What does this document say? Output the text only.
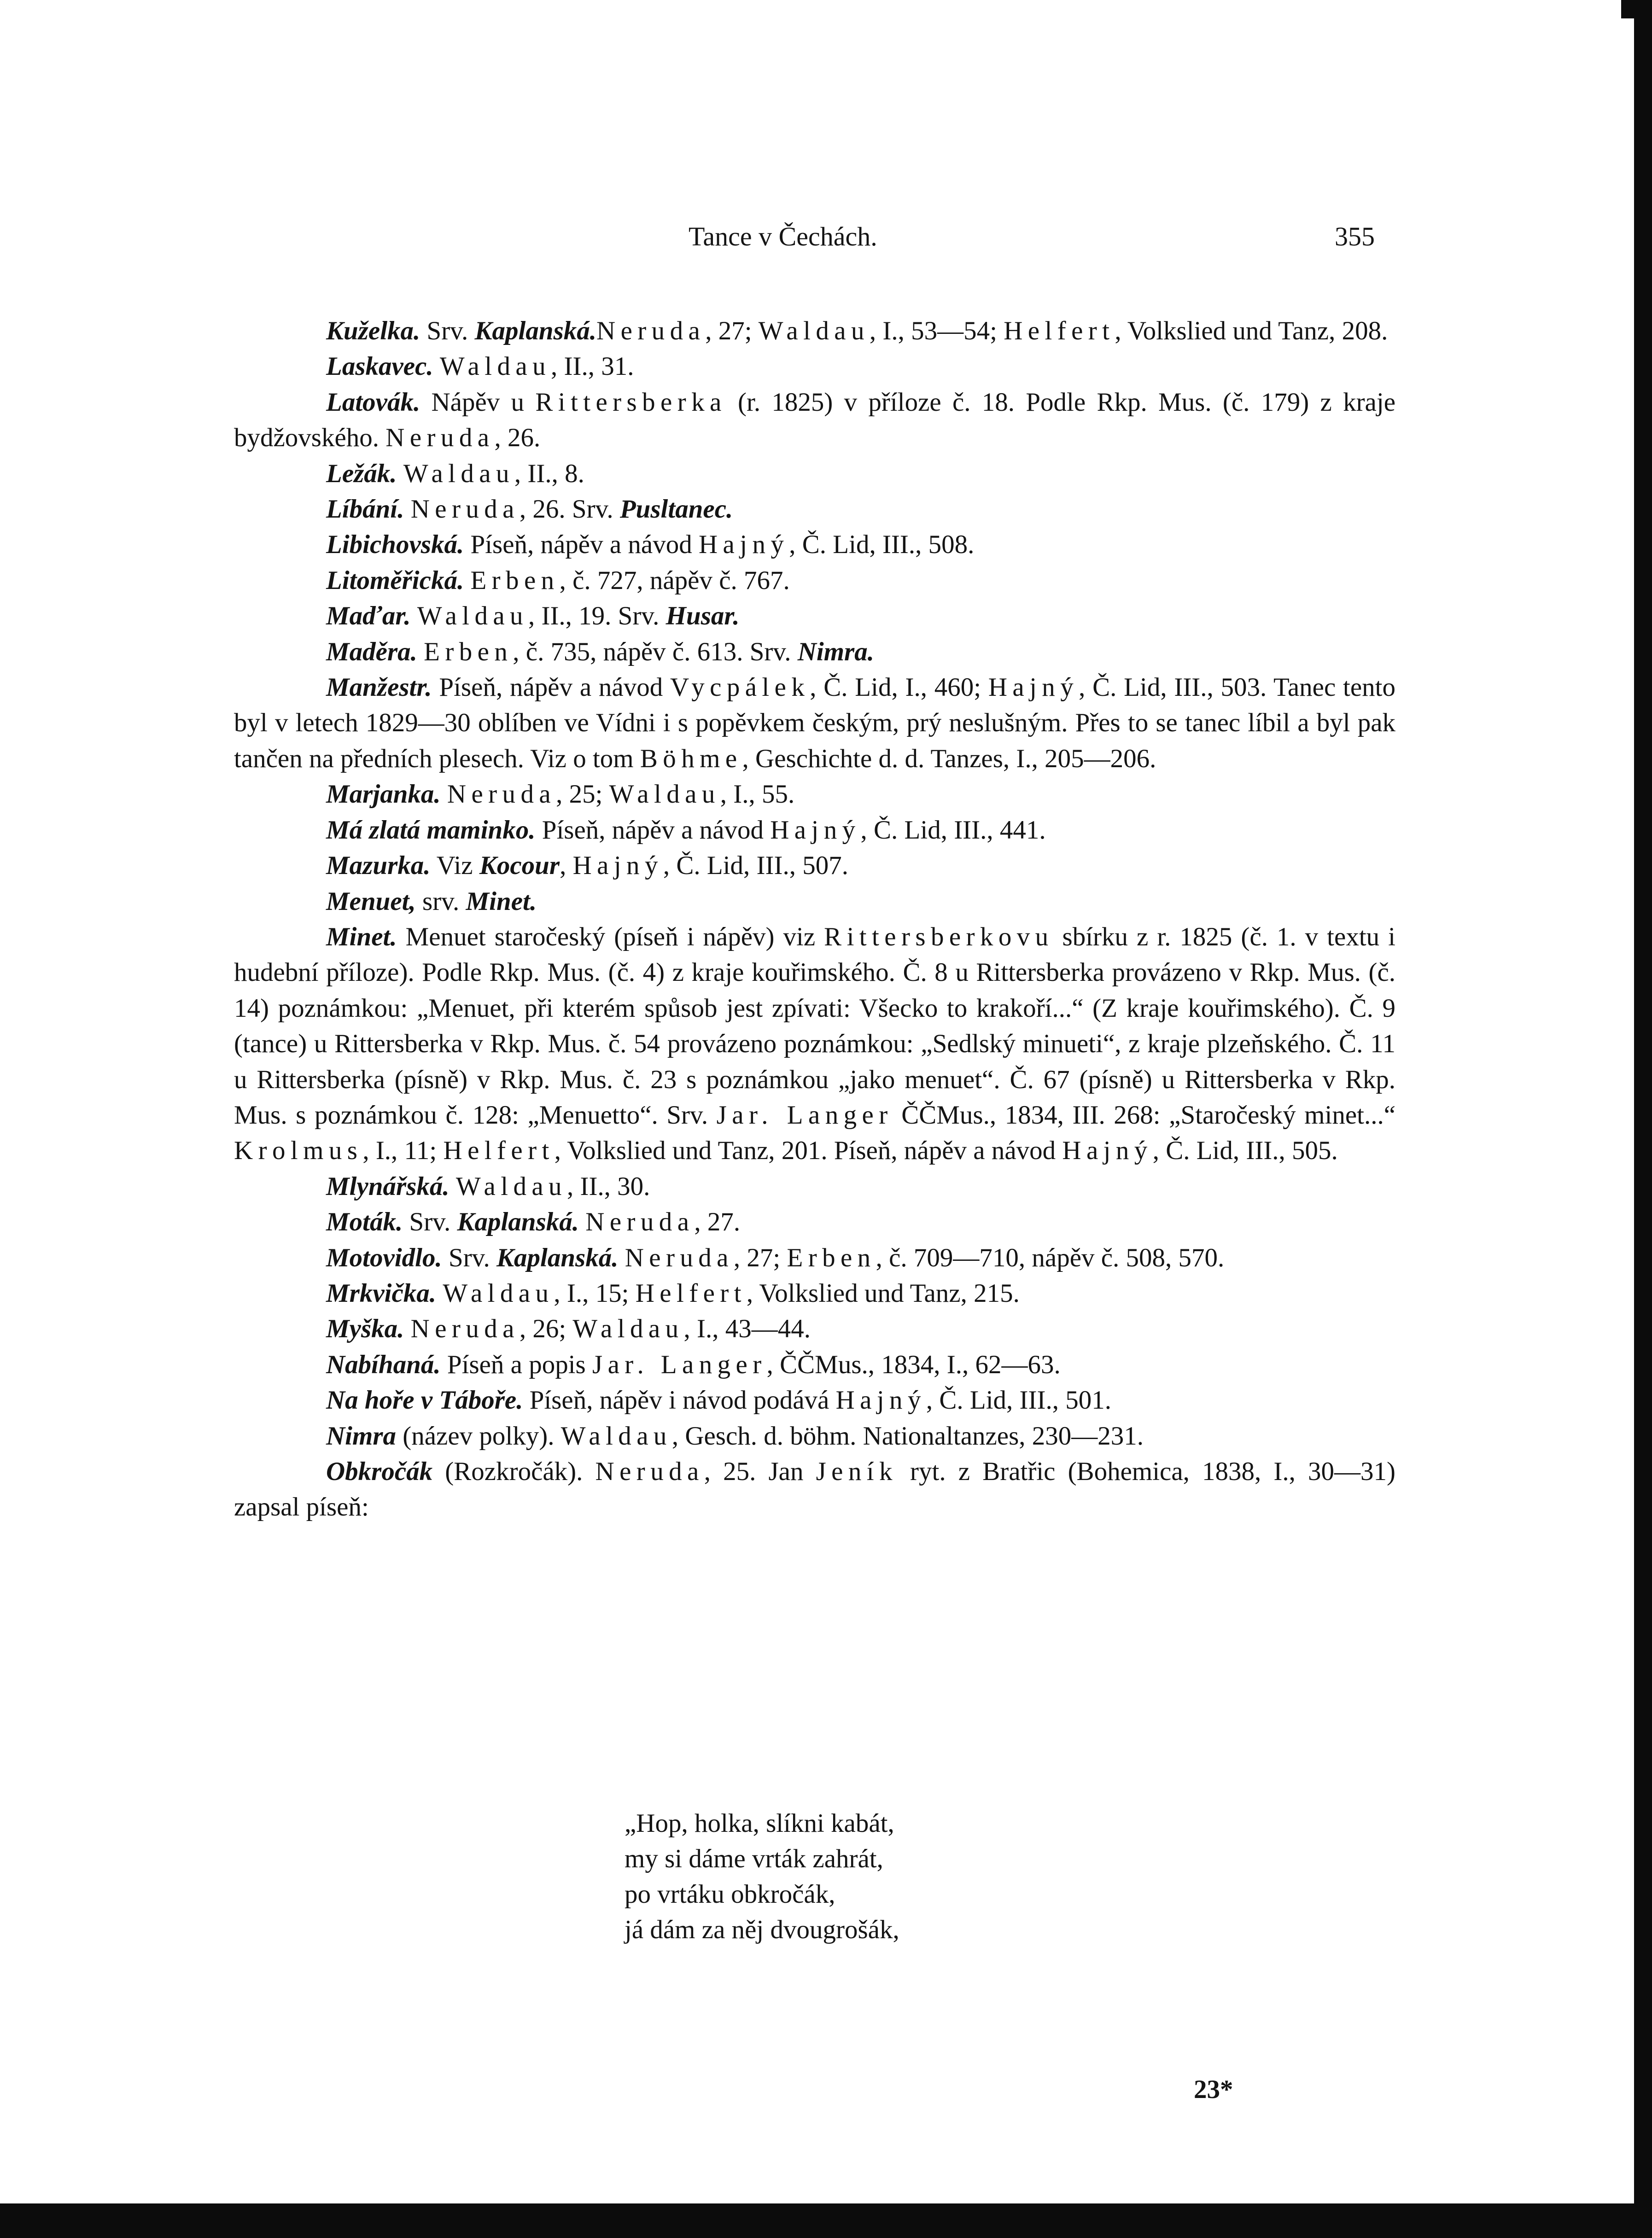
Tance v Čechách.	355

Kuželka. Srv. Kaplanská.Neruda, 27; Waldau, I., 53—54; Helfert, Volkslied und Tanz, 208.

Laskavec. Waldau, II., 31.

Latovák. Nápěv u Rittersberka (r. 1825) v příloze č. 18. Podle Rkp. Mus. (č. 179) z kraje bydžovského. Neruda, 26.

Ležák. Waldau, II., 8.

Líbání. Neruda, 26. Srv. Pusltanec.

Libichovská. Píseň, nápěv a návod Hajný, Č. Lid, III., 508.

Litoměřická. Erben, č. 727, nápěv č. 767.

Maďar. Waldau, II., 19. Srv. Husar.

Maděra. Erben, č. 735, nápěv č. 613. Srv. Nimra.

Manžestr. Píseň, nápěv a návod Vycpálek, Č. Lid, I., 460; Hajný, Č. Lid, III., 503. Tanec tento byl v letech 1829—30 oblíben ve Vídni i s popěvkem českým, prý neslušným. Přes to se tanec líbil a byl pak tančen na předních plesech. Viz o tom Böhme, Geschichte d. d. Tanzes, I., 205—206.

Marjanka. Neruda, 25; Waldau, I., 55.

Má zlatá maminko. Píseň, nápěv a návod Hajný, Č. Lid, III., 441.

Mazurka. Viz Kocour, Hajný, Č. Lid, III., 507.

Menuet, srv. Minet.

Minet. Menuet staročeský (píseň i nápěv) viz Rittersberkovu sbírku z r. 1825 (č. 1. v textu i hudební příloze). Podle Rkp. Mus. (č. 4) z kraje kouřimského. Č. 8 u Rittersberka provázeno v Rkp. Mus. (č. 14) poznámkou: „Menuet, při kterém spůsob jest zpívati: Všecko to krakoří...“ (Z kraje kouřimského). Č. 9 (tance) u Rittersberka v Rkp. Mus. č. 54 provázeno poznámkou: „Sedlský minueti“, z kraje plzeňského. Č. 11 u Rittersberka (písně) v Rkp. Mus. č. 23 s poznámkou „jako menuet“. Č. 67 (písně) u Rittersberka v Rkp. Mus. s poznámkou č. 128: „Menuetto“. Srv. Jar. Langer ČČMus., 1834, III. 268: „Staročeský minet...“ Krolmus, I., 11; Helfert, Volkslied und Tanz, 201. Píseň, nápěv a návod Hajný, Č. Lid, III., 505.

Mlynářská. Waldau, II., 30.

Moták. Srv. Kaplanská. Neruda, 27.

Motovidlo. Srv. Kaplanská. Neruda, 27; Erben, č. 709—710, nápěv č. 508, 570.

Mrkvička. Waldau, I., 15; Helfert, Volkslied und Tanz, 215.

Myška. Neruda, 26; Waldau, I., 43—44.

Nabíhaná. Píseň a popis Jar. Langer, ČČMus., 1834, I., 62—63.

Na hoře v Táboře. Píseň, nápěv i návod podává Hajný, Č. Lid, III., 501.

Nimra (název polky). Waldau, Gesch. d. böhm. Nationaltanzes, 230—231.

Obkročák (Rozkročák). Neruda, 25. Jan Jeník ryt. z Bratřic (Bohemica, 1838, I., 30—31) zapsal píseň:

„Hop, holka, slíkni kabát,
my si dáme vrták zahrát,
po vrtáku obkročák,
já dám za něj dvougrošák,
23*
